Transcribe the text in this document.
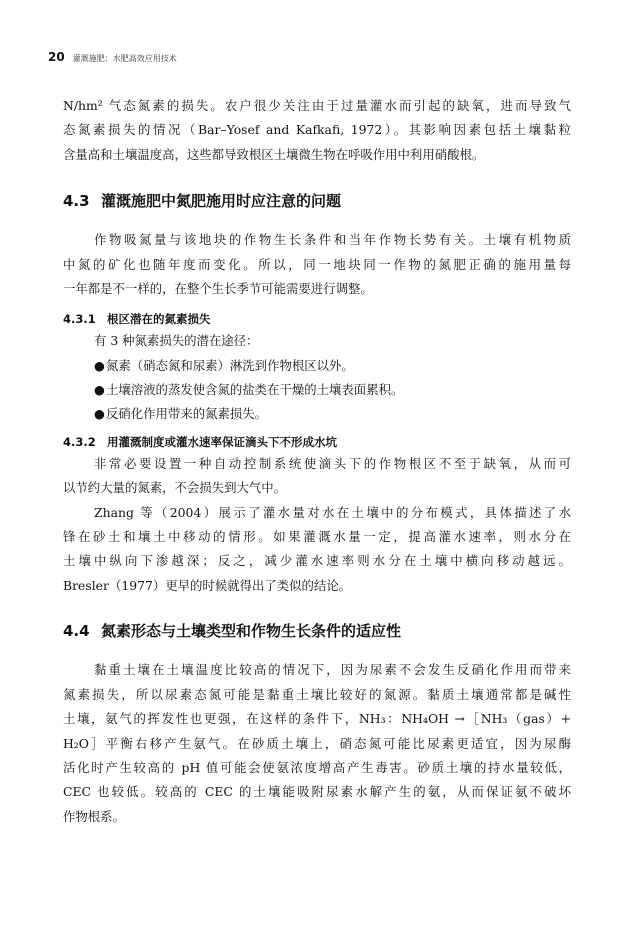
20 灌溉施肥：水肥高效应用技术

N/hm² 气态氮素的损失。农户很少关注由于过量灌水而引起的缺氧，进而导致气
态氮素损失的情况（Bar–Yosef and Kafkafi, 1972）。其影响因素包括土壤黏粒
含量高和土壤温度高，这些都导致根区土壤微生物在呼吸作用中利用硝酸根。

4.3 灌溉施肥中氮肥施用时应注意的问题

作物吸氮量与该地块的作物生长条件和当年作物长势有关。土壤有机物质
中氮的矿化也随年度而变化。所以，同一地块同一作物的氮肥正确的施用量每
一年都是不一样的，在整个生长季节可能需要进行调整。

4.3.1 根区潜在的氮素损失

有 3 种氮素损失的潜在途径：

●氮素（硝态氮和尿素）淋洗到作物根区以外。
●土壤溶液的蒸发使含氮的盐类在干燥的土壤表面累积。
●反硝化作用带来的氮素损失。
4.3.2 用灌溉制度或灌水速率保证滴头下不形成水坑

非常必要设置一种自动控制系统使滴头下的作物根区不至于缺氧，从而可
以节约大量的氮素，不会损失到大气中。

Zhang 等（2004）展示了灌水量对水在土壤中的分布模式，具体描述了水
锋在砂土和壤土中移动的情形。如果灌溉水量一定，提高灌水速率，则水分在
土壤中纵向下渗越深；反之，减少灌水速率则水分在土壤中横向移动越远。
Bresler（1977）更早的时候就得出了类似的结论。

4.4 氮素形态与土壤类型和作物生长条件的适应性

黏重土壤在土壤温度比较高的情况下，因为尿素不会发生反硝化作用而带来
氮素损失，所以尿素态氮可能是黏重土壤比较好的氮源。黏质土壤通常都是碱性
土壤，氨气的挥发性也更强，在这样的条件下，NH₃：NH₄OH →［NH₃（gas）+
H₂O］平衡右移产生氨气。在砂质土壤上，硝态氮可能比尿素更适宜，因为尿酶
活化时产生较高的 pH 值可能会使氨浓度增高产生毒害。砂质土壤的持水量较低，
CEC 也较低。较高的 CEC 的土壤能吸附尿素水解产生的氨，从而保证氨不破坏
作物根系。
